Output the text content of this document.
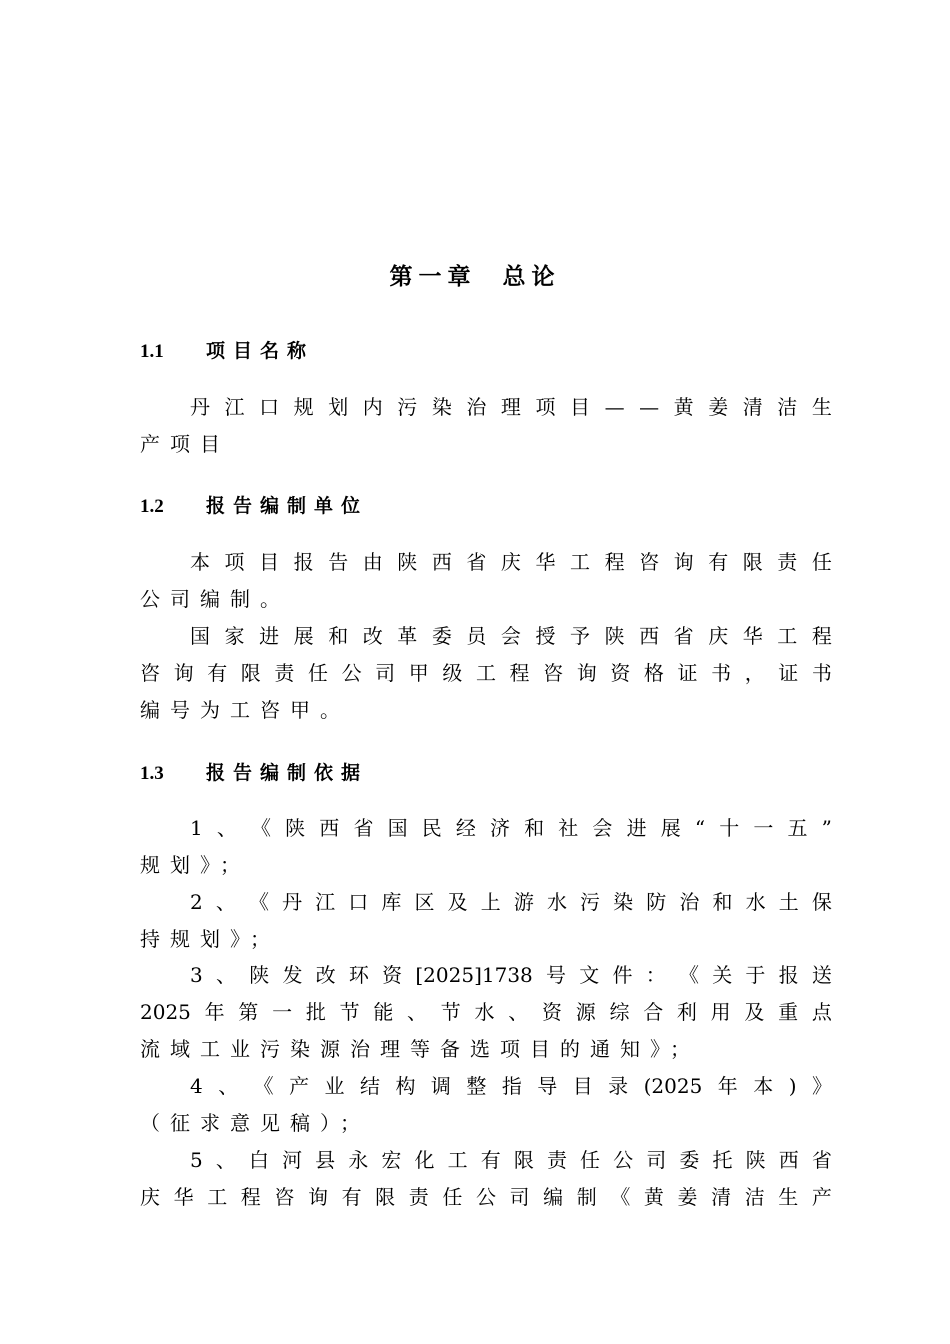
第一章 总论
1.1 项目名称
丹 江 口 规 划 内 污 染 治 理 项 目 — — 黄 姜 清 洁 生
产项目
1.2 报告编制单位
本 项 目 报 告 由 陕 西 省 庆 华 工 程 咨 询 有 限 责 任
公司编制。
国 家 进 展 和 改 革 委 员 会 授 予 陕 西 省 庆 华 工 程
咨 询 有 限 责 任 公 司 甲 级 工 程 咨 询 资 格 证 书 ， 证 书
编号为工咨甲。
1.3 报告编制依据
1 、 《 陕 西 省 国 民 经 济 和 社 会 进 展 “ 十 一 五 ”
规划》；
2 、 《 丹 江 口 库 区 及 上 游 水 污 染 防 治 和 水 土 保
持规划》；
3 、 陕 发 改 环 资 [2025]1738 号 文 件 ： 《 关 于 报 送
2025 年 第 一 批 节 能 、 节 水 、 资 源 综 合 利 用 及 重 点
流域工业污染源治理等备选项目的通知》；
4 、 《 产 业 结 构 调 整 指 导 目 录 (2025 年 本 ) 》
（征求意见稿）；
5 、 白 河 县 永 宏 化 工 有 限 责 任 公 司 委 托 陕 西 省
庆 华 工 程 咨 询 有 限 责 任 公 司 编 制 《 黄 姜 清 洁 生 产
